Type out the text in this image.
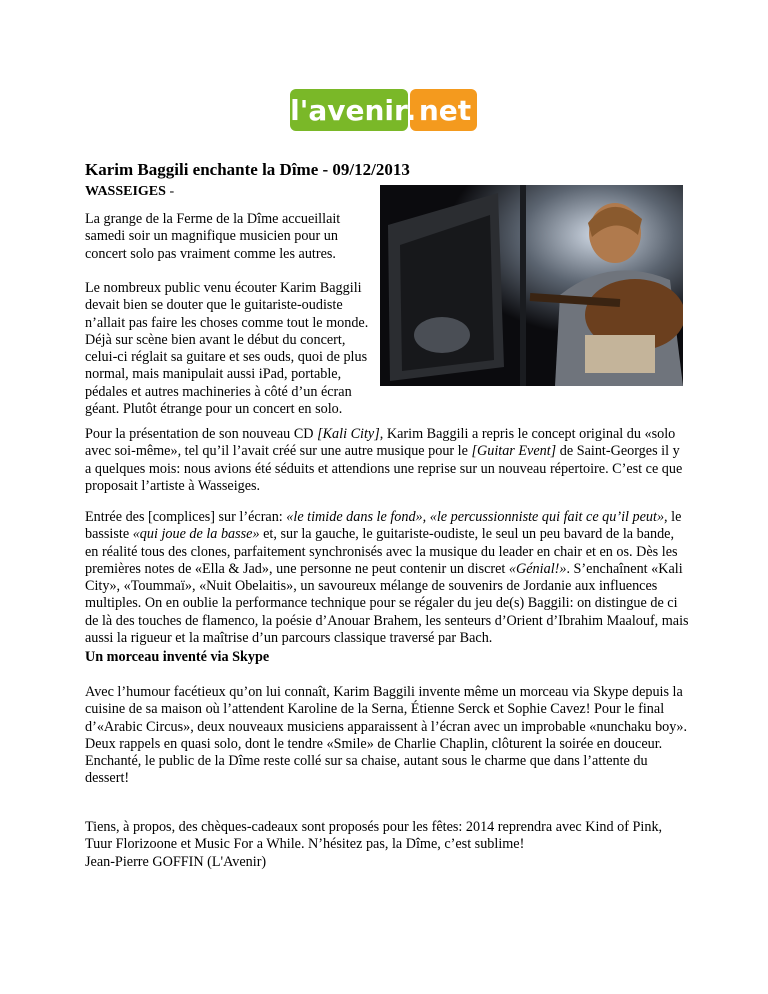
l'avenir
. net
Karim Baggili enchante la Dîme - 09/12/2013
WASSEIGES -

La grange de la Ferme de la Dîme accueillait samedi soir un magnifique musicien pour un concert solo pas vraiment comme les autres.

Le nombreux public venu écouter Karim Baggili devait bien se douter que le guitariste-oudiste n’allait pas faire les choses comme tout le monde. Déjà sur scène bien avant le début du concert, celui-ci réglait sa guitare et ses ouds, quoi de plus normal, mais manipulait aussi iPad, portable, pédales et autres machineries à côté d’un écran géant. Plutôt étrange pour un concert en solo.

Pour la présentation de son nouveau CD [Kali City], Karim Baggili a repris le concept original du «solo avec soi-même», tel qu’il l’avait créé sur une autre musique pour le [Guitar Event] de Saint-Georges il y a quelques mois: nous avions été séduits et attendions une reprise sur un nouveau répertoire. C’est ce que proposait l’artiste à Wasseiges.

Entrée des [complices] sur l’écran: «le timide dans le fond», «le percussionniste qui fait ce qu’il peut», le bassiste «qui joue de la basse» et, sur la gauche, le guitariste-oudiste, le seul un peu bavard de la bande, en réalité tous des clones, parfaitement synchronisés avec la musique du leader en chair et en os. Dès les premières notes de «Ella & Jad», une personne ne peut contenir un discret «Génial!». S’enchaînent «Kali City», «Toummaï», «Nuit Obelaitis», un savoureux mélange de souvenirs de Jordanie aux influences multiples. On en oublie la performance technique pour se régaler du jeu de(s) Baggili: on distingue de ci de là des touches de flamenco, la poésie d’Anouar Brahem, les senteurs d’Orient d’Ibrahim Maalouf, mais aussi la rigueur et la maîtrise d’un parcours classique traversé par Bach.

Un morceau inventé via Skype

Avec l’humour facétieux qu’on lui connaît, Karim Baggili invente même un morceau via Skype depuis la cuisine de sa maison où l’attendent Karoline de la Serna, Étienne Serck et Sophie Cavez! Pour le final d’«Arabic Circus», deux nouveaux musiciens apparaissent à l’écran avec un improbable «nunchaku boy». Deux rappels en quasi solo, dont le tendre «Smile» de Charlie Chaplin, clôturent la soirée en douceur. Enchanté, le public de la Dîme reste collé sur sa chaise, autant sous le charme que dans l’attente du dessert!

Tiens, à propos, des chèques-cadeaux sont proposés pour les fêtes: 2014 reprendra avec Kind of Pink, Tuur Florizoone et Music For a While. N’hésitez pas, la Dîme, c’est sublime!

Jean-Pierre GOFFIN (L'Avenir)
